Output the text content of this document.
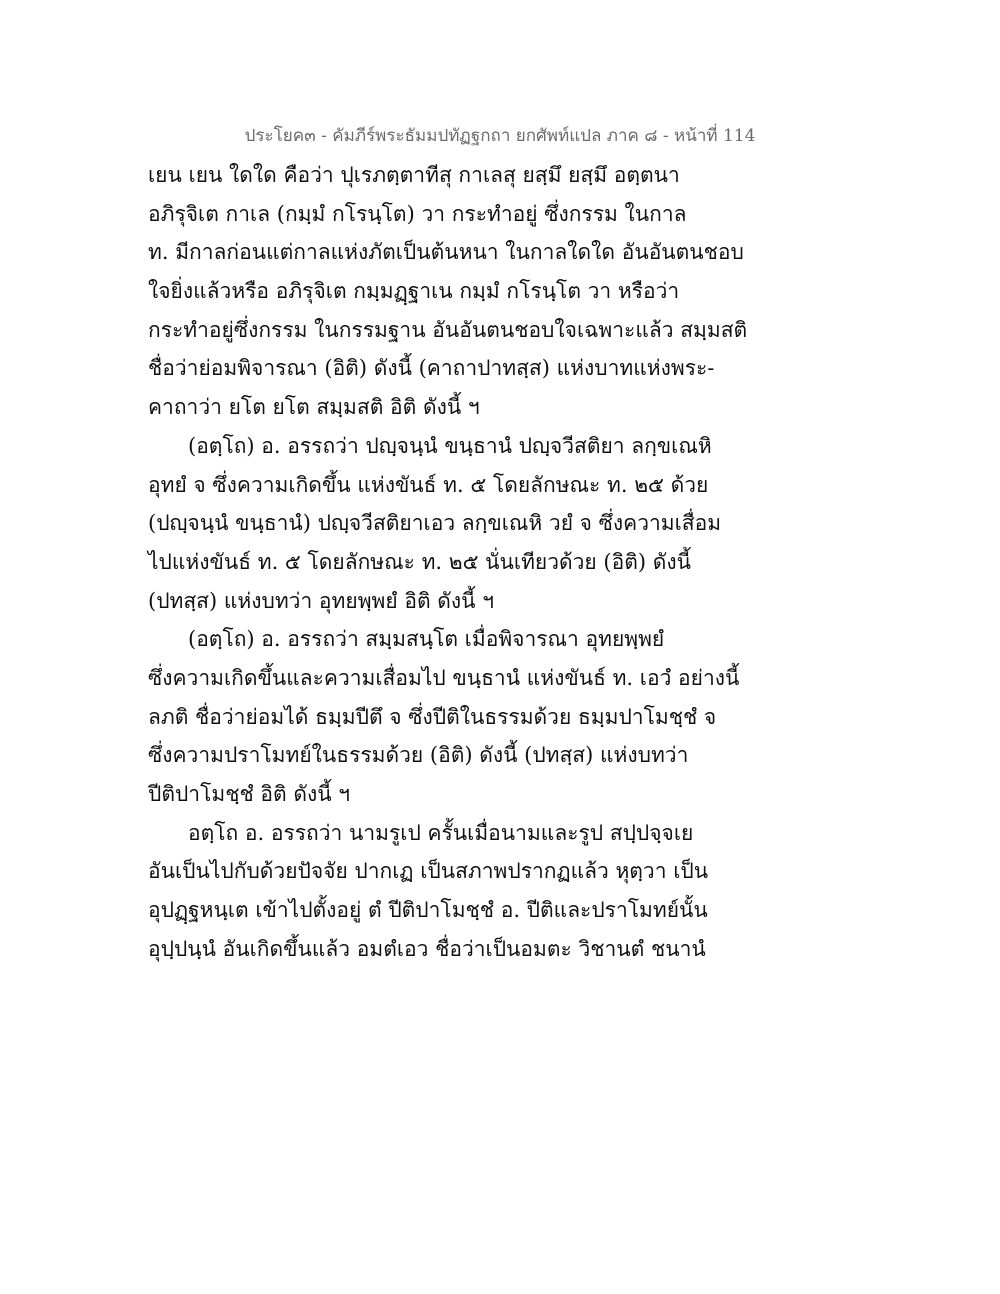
ประโยค๓ - คัมภีร์พระธัมมปทัฏฐกถา ยกศัพท์แปล ภาค ๘ - หน้าที่ 114
เยน เยน ใดใด คือว่า ปุเรภตฺตาทีสุ กาเลสุ ยสฺมึ ยสฺมึ อตฺตนา
อภิรุจิเต กาเล (กมฺมํ กโรนฺโต) วา กระทำอยู่ ซึ่งกรรม ในกาล
ท. มีกาลก่อนแต่กาลแห่งภัตเป็นต้นหนา ในกาลใดใด อันอันตนชอบ
ใจยิ่งแล้วหรือ อภิรุจิเต กมฺมฏฺฐาเน กมฺมํ กโรนฺโต วา หรือว่า
กระทำอยู่ซึ่งกรรม ในกรรมฐาน อันอันตนชอบใจเฉพาะแล้ว สมฺมสติ
ชื่อว่าย่อมพิจารณา (อิติ) ดังนี้ (คาถาปาทสฺส) แห่งบาทแห่งพระ-
คาถาว่า ยโต ยโต สมฺมสติ อิติ ดังนี้ ฯ
(อตฺโถ) อ. อรรถว่า ปญฺจนฺนํ ขนฺธานํ ปญฺจวีสติยา ลกฺขเณหิ
อุทยํ จ ซึ่งความเกิดขึ้น แห่งขันธ์ ท. ๕ โดยลักษณะ ท. ๒๕ ด้วย
(ปญฺจนฺนํ ขนฺธานํ) ปญฺจวีสติยาเอว ลกฺขเณหิ วยํ จ ซึ่งความเสื่อม
ไปแห่งขันธ์ ท. ๕ โดยลักษณะ ท. ๒๕ นั่นเทียวด้วย (อิติ) ดังนี้
(ปทสฺส) แห่งบทว่า อุทยพฺพยํ อิติ ดังนี้ ฯ
(อตฺโถ) อ. อรรถว่า สมฺมสนฺโต เมื่อพิจารณา อุทยพฺพยํ
ซึ่งความเกิดขึ้นและความเสื่อมไป ขนฺธานํ แห่งขันธ์ ท. เอวํ อย่างนี้
ลภติ ชื่อว่าย่อมได้ ธมฺมปีตึ จ ซึ่งปีติในธรรมด้วย ธมฺมปาโมชฺชํ จ
ซึ่งความปราโมทย์ในธรรมด้วย (อิติ) ดังนี้ (ปทสฺส) แห่งบทว่า
ปีติปาโมชฺชํ อิติ ดังนี้ ฯ
อตฺโถ อ. อรรถว่า นามรูเป ครั้นเมื่อนามและรูป สปฺปจฺจเย
อันเป็นไปกับด้วยปัจจัย ปากเฏ เป็นสภาพปรากฏแล้ว หุตฺวา เป็น
อุปฏฺฐหนฺเต เข้าไปตั้งอยู่ ตํ ปีติปาโมชฺชํ อ. ปีติและปราโมทย์นั้น
อุปฺปนฺนํ อันเกิดขึ้นแล้ว อมตํเอว ชื่อว่าเป็นอมตะ วิชานตํ ชนานํ
